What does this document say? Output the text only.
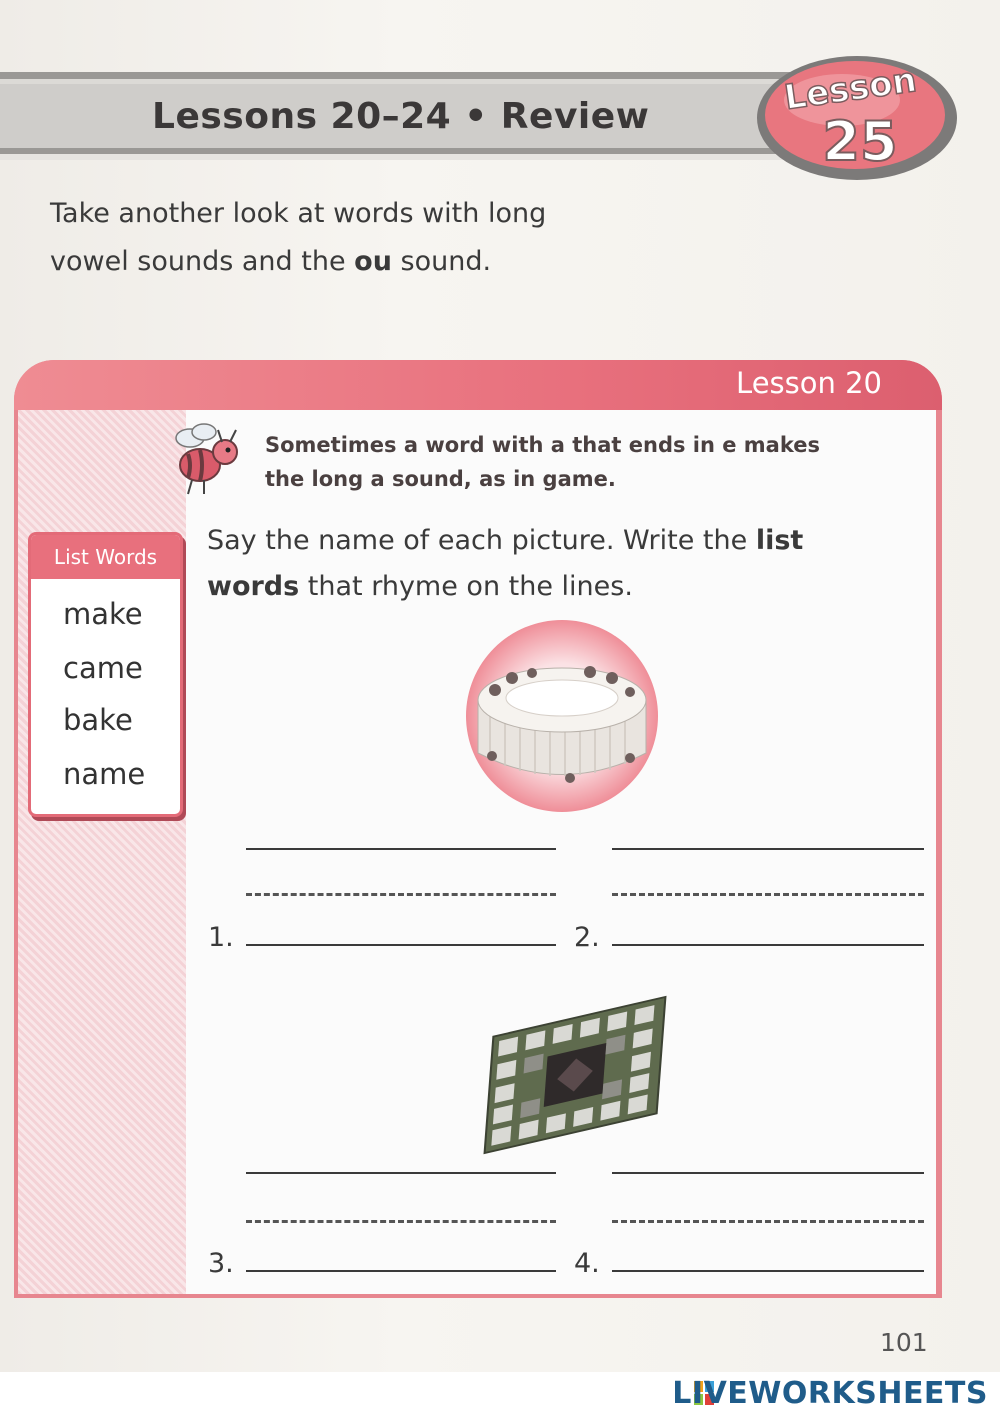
Lessons 20–24 • Review	Lesson
25
Take another look at words with long
vowel sounds and the ou sound.
Lesson 20
Sometimes a word with a that ends in e makes
the long a sound, as in game.
Say the name of each picture. Write the list
words that rhyme on the lines.
List Words
make
came
bake
name
1.	2.
3.	4.
101
LIVEWORKSHEETS
